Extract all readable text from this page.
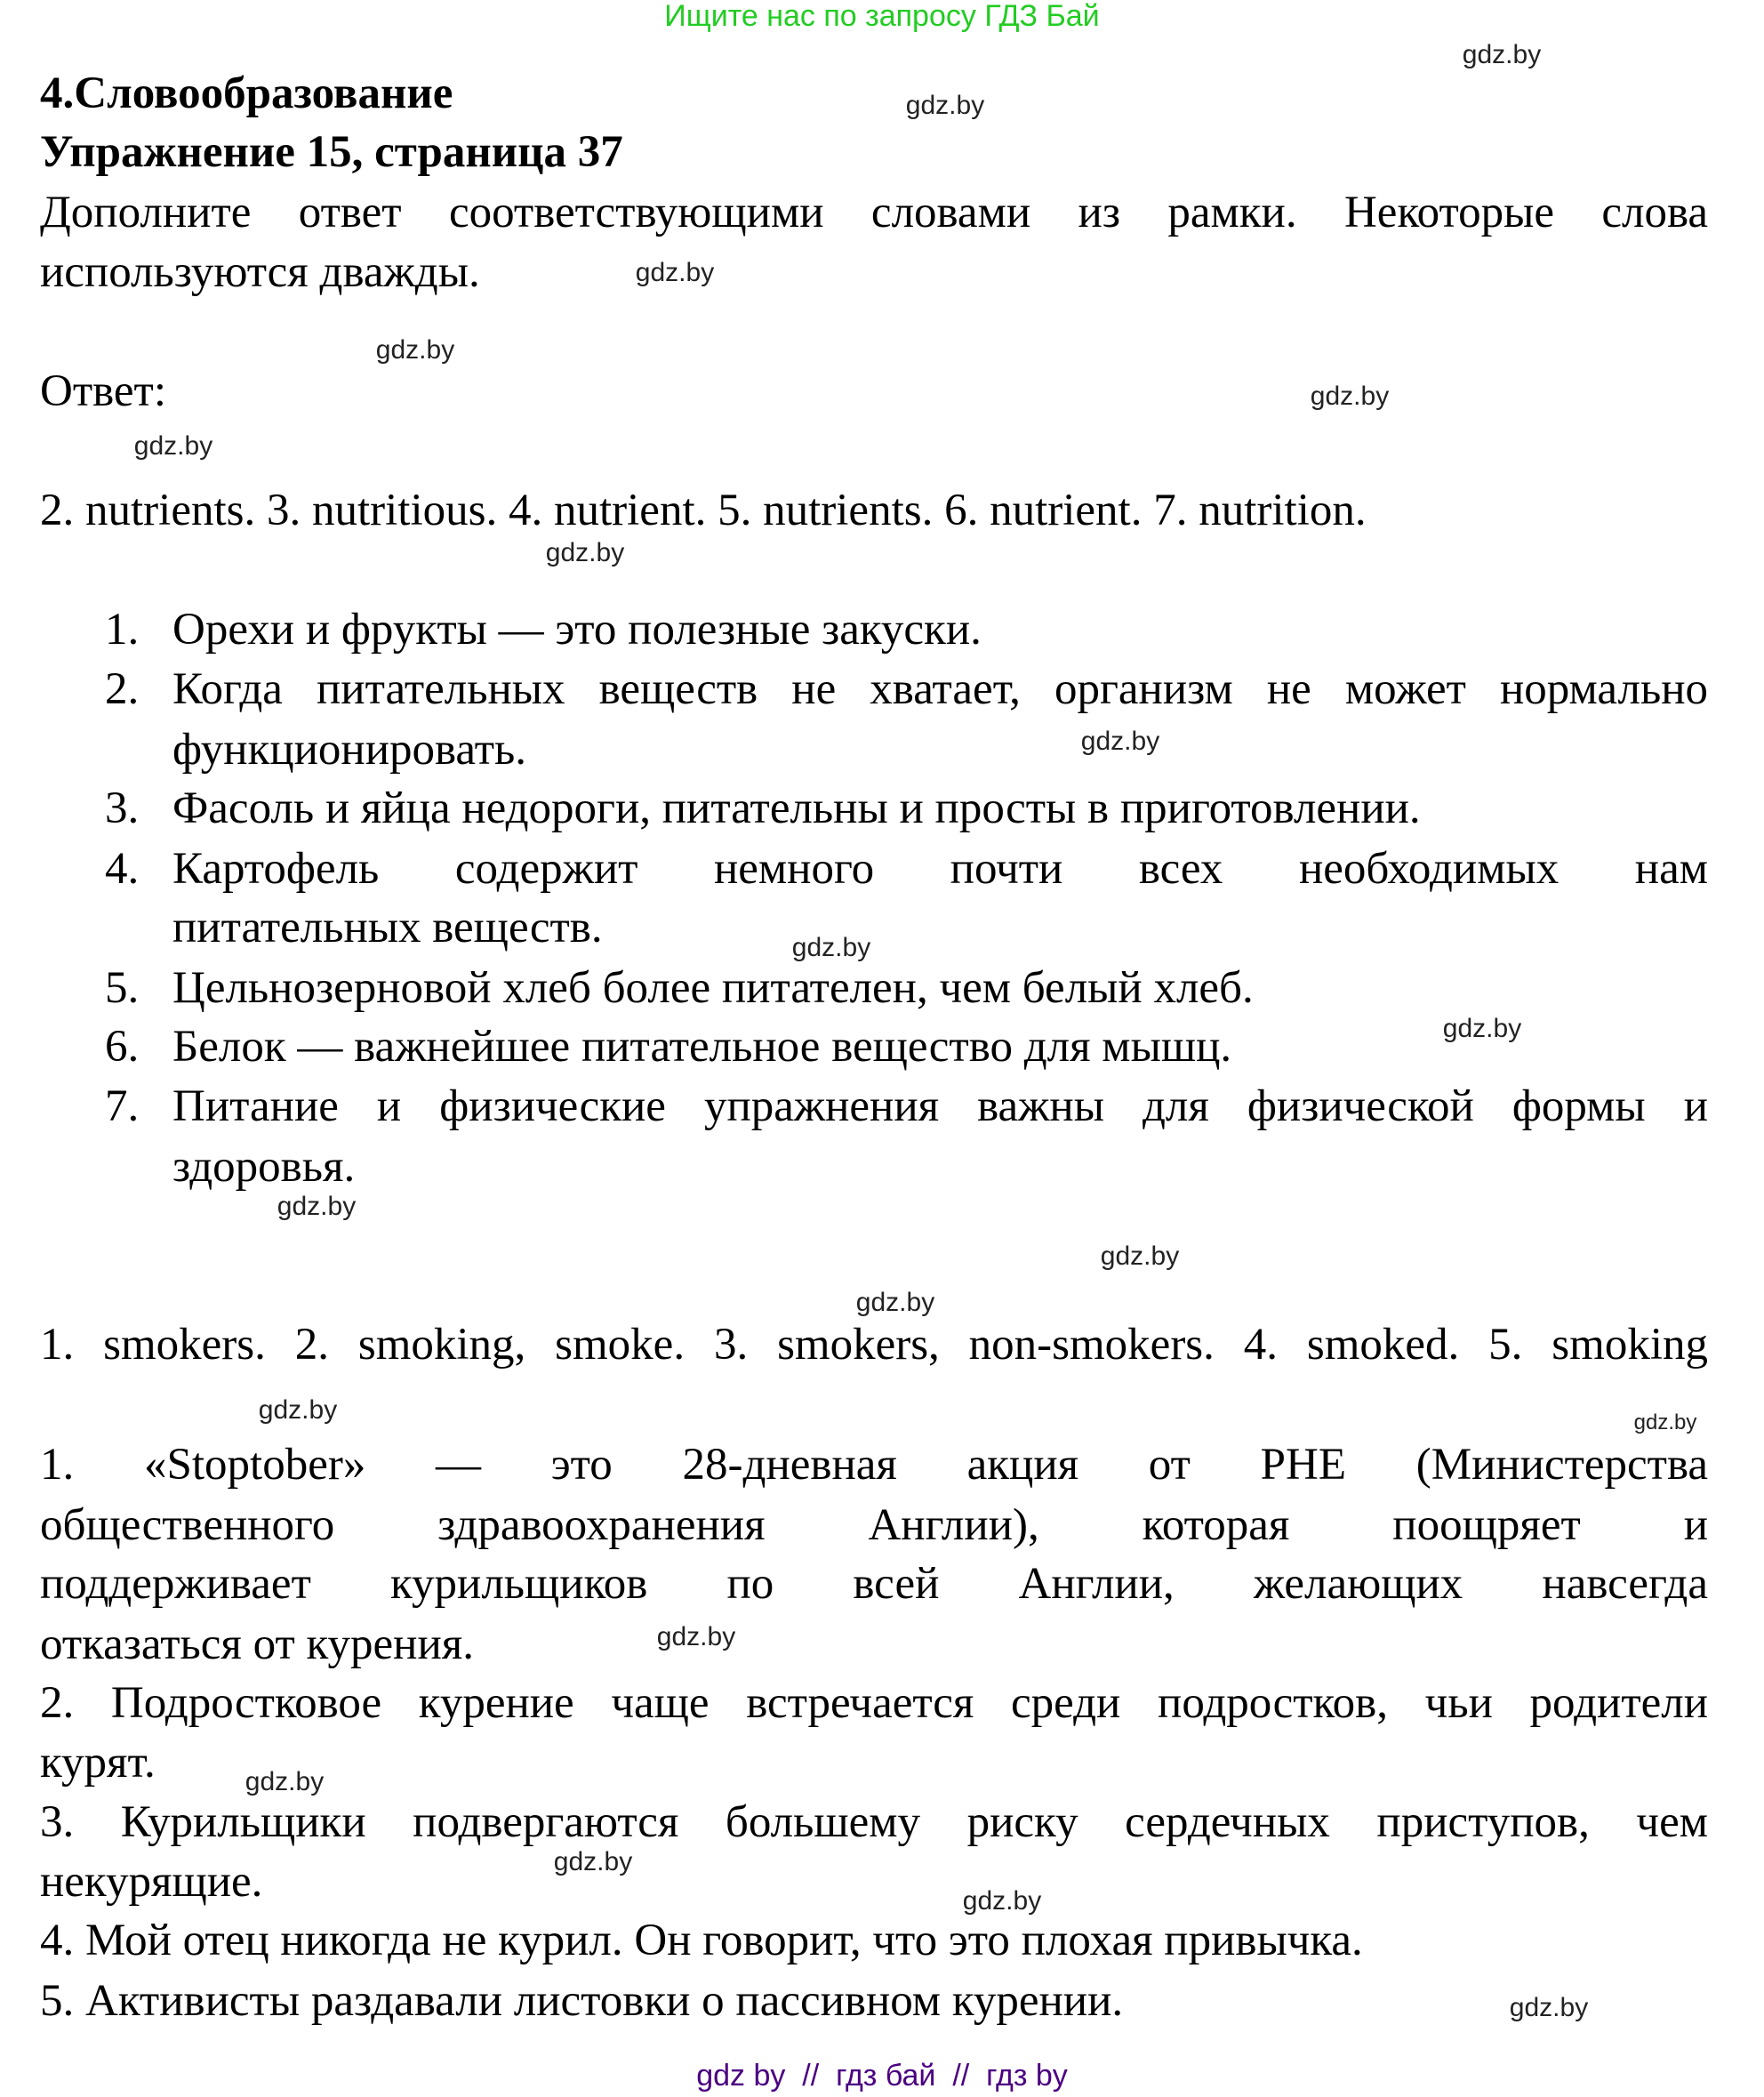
Ищите нас по запросу ГДЗ Бай
4.Словообразование
Упражнение 15, страница 37
Дополните ответ соответствующими словами из рамки. Некоторые слова
используются дважды.
Ответ:
2. nutrients. 3. nutritious. 4. nutrient. 5. nutrients. 6. nutrient. 7. nutrition.
1. Орехи и фрукты — это полезные закуски.
2. Когда питательных веществ не хватает, организм не может нормально
функционировать.
3. Фасоль и яйца недороги, питательны и просты в приготовлении.
4. Картофель содержит немного почти всех необходимых нам
питательных веществ.
5. Цельнозерновой хлеб более питателен, чем белый хлеб.
6. Белок — важнейшее питательное вещество для мышц.
7. Питание и физические упражнения важны для физической формы и
здоровья.
1. smokers. 2. smoking, smoke. 3. smokers, non-smokers. 4. smoked. 5. smoking
1. «Stoptober» — это 28-дневная акция от PHE (Министерства
общественного здравоохранения Англии), которая поощряет и
поддерживает курильщиков по всей Англии, желающих навсегда
отказаться от курения.
2. Подростковое курение чаще встречается среди подростков, чьи родители
курят.
3. Курильщики подвергаются большему риску сердечных приступов, чем
некурящие.
4. Мой отец никогда не курил. Он говорит, что это плохая привычка.
5. Активисты раздавали листовки о пассивном курении.
gdz.by
gdz.by
gdz.by
gdz.by
gdz.by
gdz.by
gdz.by
gdz.by
gdz.by
gdz.by
gdz.by
gdz.by
gdz.by
gdz.by	gdz.by
gdz.by
gdz.by
gdz.by
gdz.by
gdz.by
gdz by  //  гдз бай  //  гдз by
